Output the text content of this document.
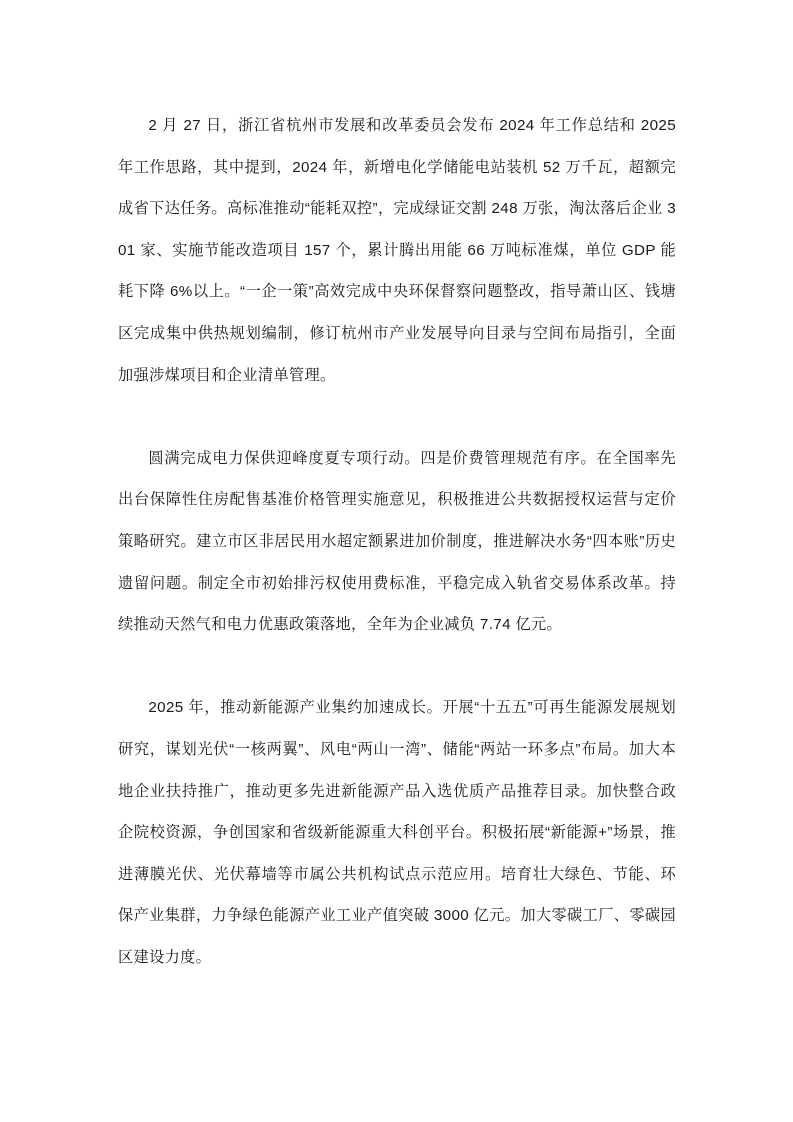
2 月 27 日，浙江省杭州市发展和改革委员会发布 2024 年工作总结和 2025 年工作思路，其中提到，2024 年，新增电化学储能电站装机 52 万千瓦，超额完成省下达任务。高标准推动“能耗双控”，完成绿证交割 248 万张，淘汰落后企业 301 家、实施节能改造项目 157 个，累计腾出用能 66 万吨标准煤，单位 GDP 能耗下降 6%以上。“一企一策”高效完成中央环保督察问题整改，指导萧山区、钱塘区完成集中供热规划编制，修订杭州市产业发展导向目录与空间布局指引，全面加强涉煤项目和企业清单管理。

圆满完成电力保供迎峰度夏专项行动。四是价费管理规范有序。在全国率先出台保障性住房配售基准价格管理实施意见，积极推进公共数据授权运营与定价策略研究。建立市区非居民用水超定额累进加价制度，推进解决水务“四本账”历史遗留问题。制定全市初始排污权使用费标准，平稳完成入轨省交易体系改革。持续推动天然气和电力优惠政策落地，全年为企业减负 7.74 亿元。

2025 年，推动新能源产业集约加速成长。开展“十五五”可再生能源发展规划研究，谋划光伏“一核两翼”、风电“两山一湾”、储能“两站一环多点”布局。加大本地企业扶持推广，推动更多先进新能源产品入选优质产品推荐目录。加快整合政企院校资源，争创国家和省级新能源重大科创平台。积极拓展“新能源+”场景，推进薄膜光伏、光伏幕墙等市属公共机构试点示范应用。培育壮大绿色、节能、环保产业集群，力争绿色能源产业工业产值突破 3000 亿元。加大零碳工厂、零碳园区建设力度。
